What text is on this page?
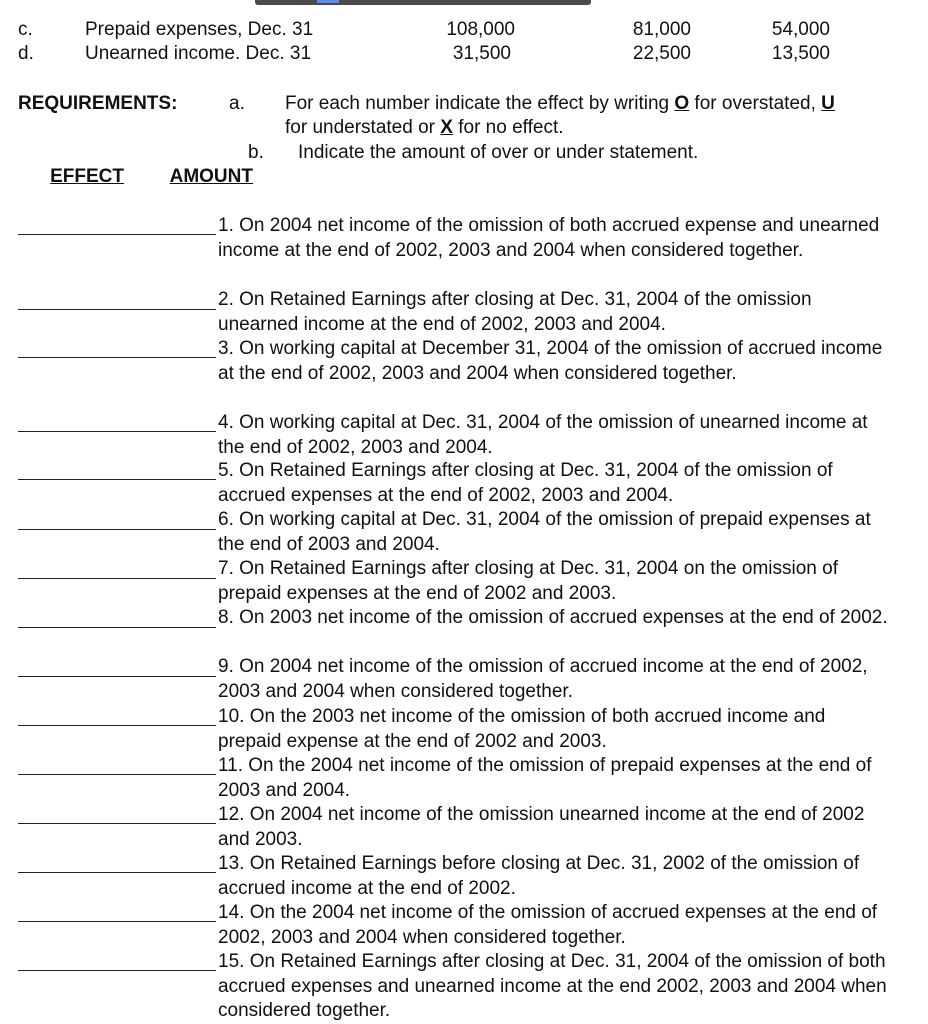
c.	Prepaid expenses, Dec. 31	108,000	81,000	54,000
d.	Unearned income. Dec. 31	31,500	22,500	13,500
REQUIREMENTS:	a. For each number indicate the effect by writing O for overstated, U
for understated or X for no effect.
b. Indicate the amount of over or under statement.
EFFECT	AMOUNT
1. On 2004 net income of the omission of both accrued expense and unearned income at the end of 2002, 2003 and 2004 when considered together.
2. On Retained Earnings after closing at Dec. 31, 2004 of the omission unearned income at the end of 2002, 2003 and 2004.
3. On working capital at December 31, 2004 of the omission of accrued income at the end of 2002, 2003 and 2004 when considered together.
4. On working capital at Dec. 31, 2004 of the omission of unearned income at the end of 2002, 2003 and 2004.
5. On Retained Earnings after closing at Dec. 31, 2004 of the omission of accrued expenses at the end of 2002, 2003 and 2004.
6. On working capital at Dec. 31, 2004 of the omission of prepaid expenses at the end of 2003 and 2004.
7. On Retained Earnings after closing at Dec. 31, 2004 on the omission of prepaid expenses at the end of 2002 and 2003.
8. On 2003 net income of the omission of accrued expenses at the end of 2002.
9. On 2004 net income of the omission of accrued income at the end of 2002, 2003 and 2004 when considered together.
10. On the 2003 net income of the omission of both accrued income and prepaid expense at the end of 2002 and 2003.
11. On the 2004 net income of the omission of prepaid expenses at the end of 2003 and 2004.
12. On 2004 net income of the omission unearned income at the end of 2002 and 2003.
13. On Retained Earnings before closing at Dec. 31, 2002 of the omission of accrued income at the end of 2002.
14. On the 2004 net income of the omission of accrued expenses at the end of 2002, 2003 and 2004 when considered together.
15. On Retained Earnings after closing at Dec. 31, 2004 of the omission of both accrued expenses and unearned income at the end 2002, 2003 and 2004 when considered together.
